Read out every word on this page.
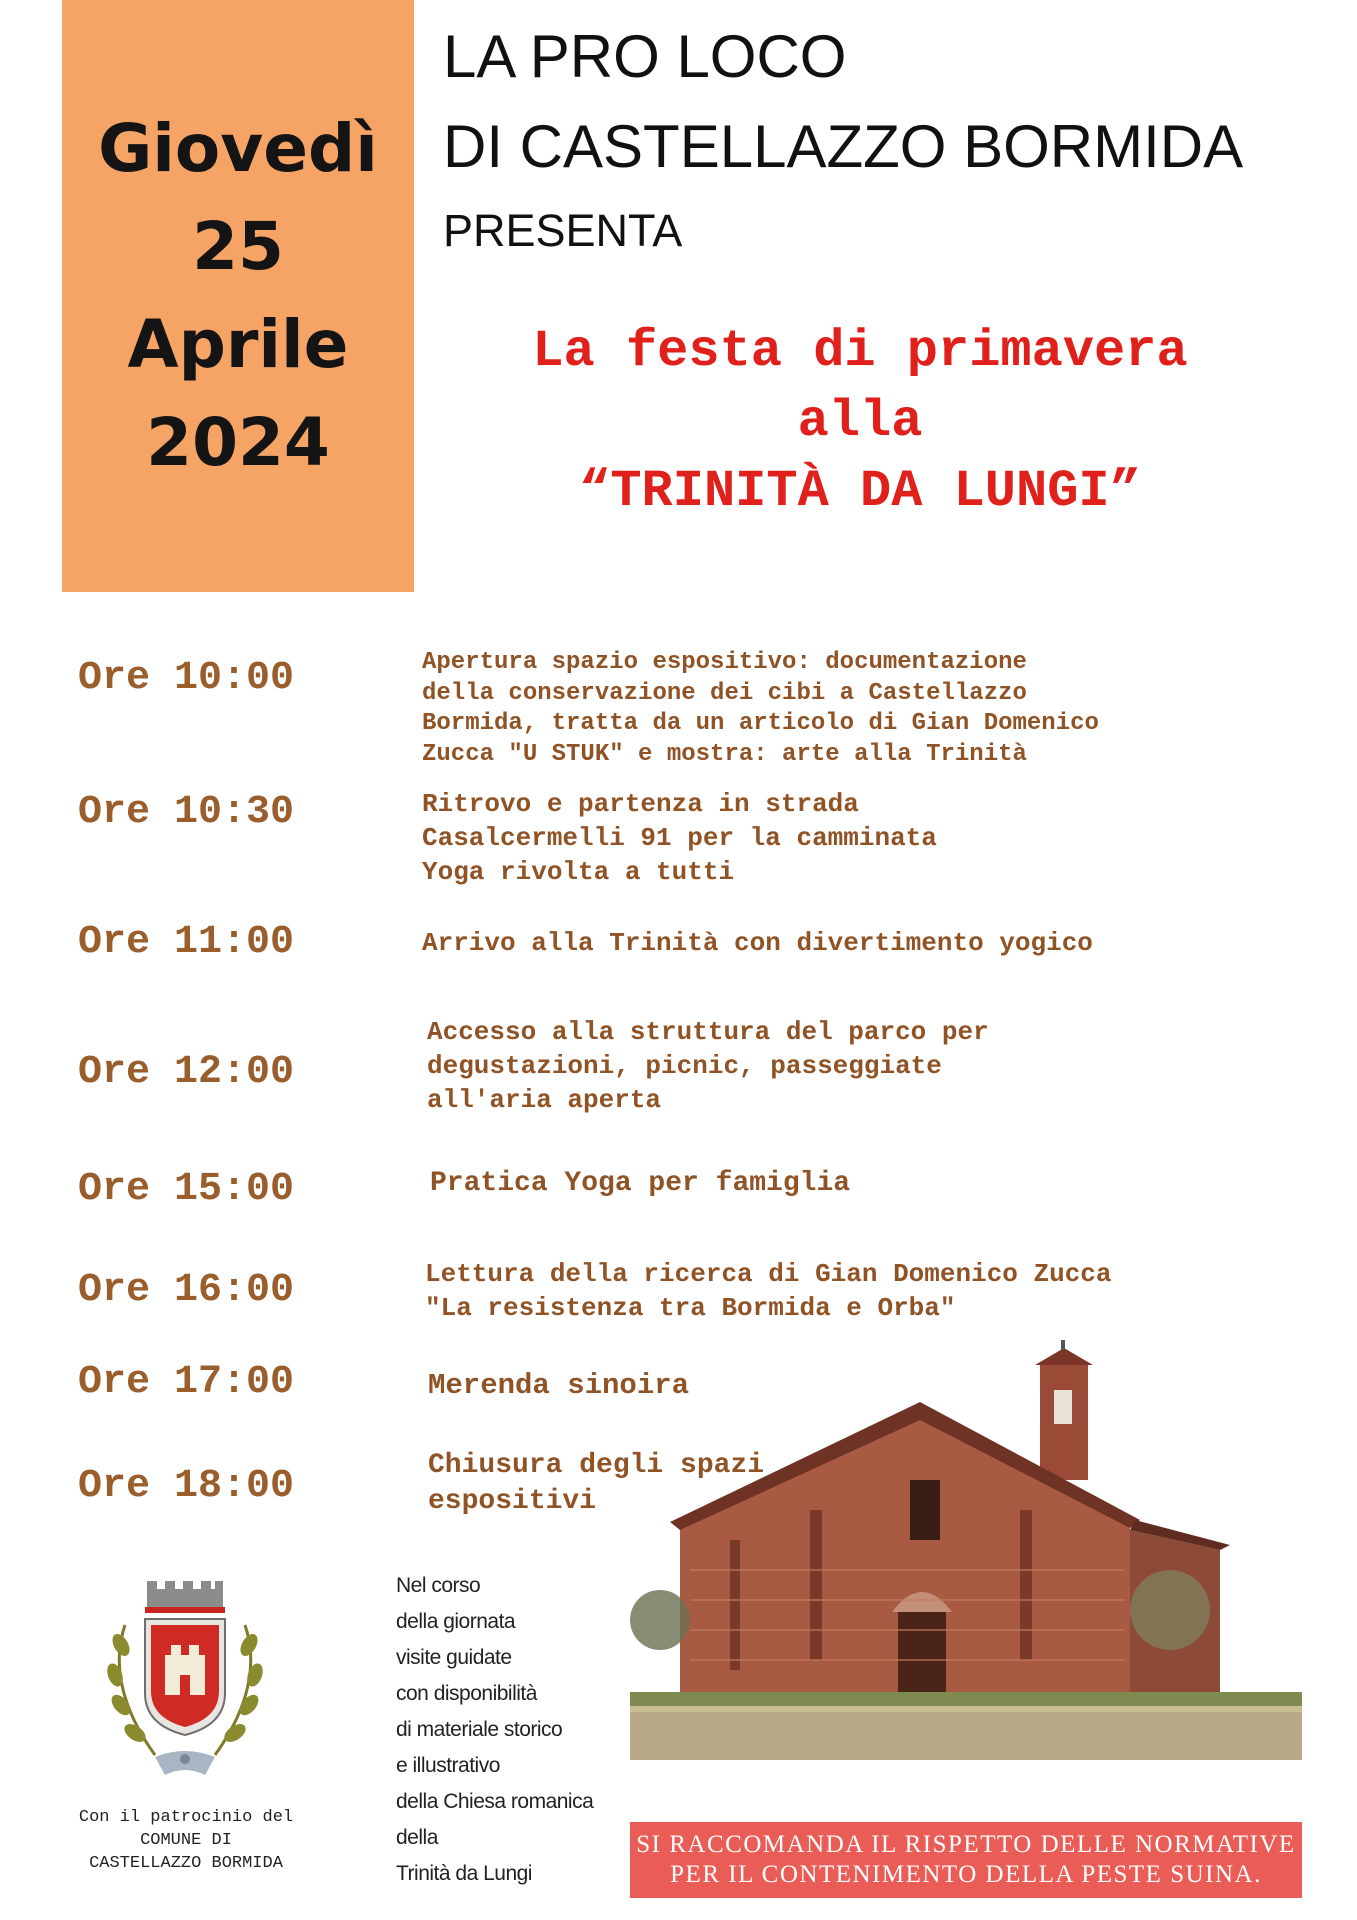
Giovedì
25
Aprile
2024
LA PRO LOCO
DI CASTELLAZZO BORMIDA
PRESENTA
La festa di primavera
alla
“TRINITÀ DA LUNGI”
Ore 10:00	Apertura spazio espositivo: documentazione
della conservazione dei cibi a Castellazzo
Bormida, tratta da un articolo di Gian Domenico
Zucca "U STUK" e mostra: arte alla Trinità
Ore 10:30	Ritrovo e partenza in strada
Casalcermelli 91 per la camminata
Yoga rivolta a tutti
Ore 11:00	Arrivo alla Trinità con divertimento yogico
Ore 12:00
Accesso alla struttura del parco per
degustazioni, picnic, passeggiate
all'aria aperta
Ore 15:00	Pratica Yoga per famiglia
Ore 16:00	Lettura della ricerca di Gian Domenico Zucca
"La resistenza tra Bormida e Orba"
Ore 17:00	Merenda sinoira
Ore 18:00	Chiusura degli spazi
espositivi
SI RACCOMANDA IL RISPETTO DELLE NORMATIVE
PER IL CONTENIMENTO DELLA PESTE SUINA.
Con il patrocinio del
COMUNE DI
CASTELLAZZO BORMIDA
Nel corso
della giornata
visite guidate
con disponibilità
di materiale storico
e illustrativo
della Chiesa romanica
della
Trinità da Lungi
